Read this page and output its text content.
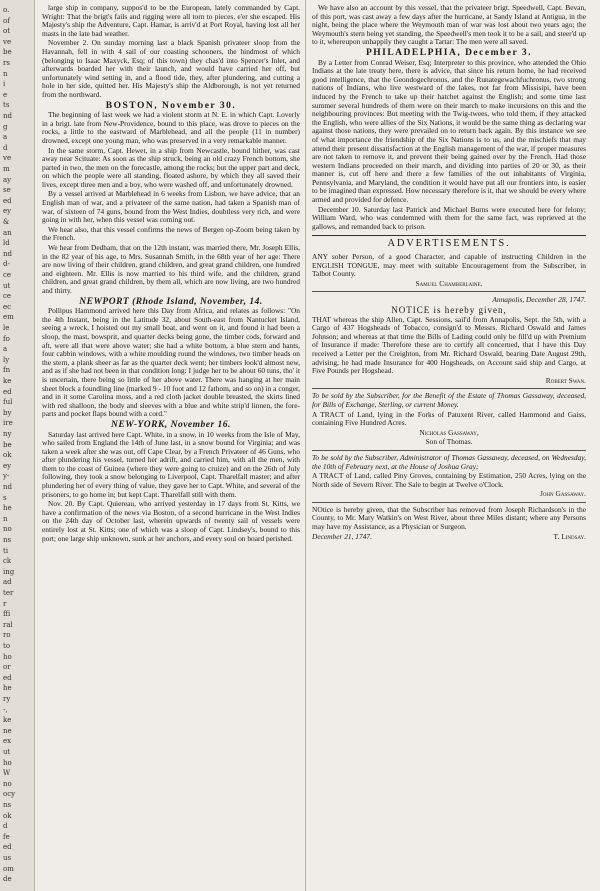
o.
of
ot
ve
be
rs
n
i
e
ts
nd
g
a
d
ve
m
ay
se
ed
ey
&
an
ld
nd
d-
ce
ut
ce
ec
em
le
fo
a
ly
fn
ke
ed
ful
by
ire
ny
be
ok
ey
y-
nd
s
he
n
no
ns
ti
ck
ing
ad
ter
r
ffi
ral
ro
to
ho
or
ed
he
ry
-,
ke
ne
ex
ut
ho
W
no
ocy
ns
ok
d
fe
ed
us
om
de

large ship in company, suppos'd to be the European, lately commanded by Capt. Wright: That the brigt's fails and rigging were all torn to pieces, e'er she escaped. His Majesty's ship the Adventure, Capt. Hamar, is arriv'd at Port Royal, having lost all her masts in the late bad weather.

November 2. On sunday morning last a black Spanish privateer sloop from the Havannah, fell in with 4 sail of our coasting schooners, the hindmost of which (belonging to Isaac Maxyck, Esq; of this town) they chas'd into Spencer's Inlet, and afterwards boarded her with their launch, and would have carried her off, but unfortunately wind setting in, and a flood tide, they, after plundering, and cutting a hole in her side, quitted her. His Majesty's ship the Aldborough, is not yet returned from the northward.

BOSTON, November 30.

The beginning of last week we had a violent storm at N. E. in which Capt. Loverly in a brigt. late from New-Providence, bound to this place, was drove to pieces on the rocks, a little to the eastward of Marblehead, and all the people (11 in number) drowned, except one young man, who was preserved in a very remarkable manner.

In the same storm, Capt. Hewet, in a ship from Newcastle, bound hither, was cast away near Scituate: As soon as the ship struck, being an old crazy French bottom, she parted in two, the men on the forecastle, among the rocks; but the upper part and deck, on which the people were all standing, floated ashore, by which they all saved their lives, except three men and a boy, who were washed off, and unfortunately drowned.

By a vessel arrived at Marblehead in 6 weeks from Lisbon, we have advice, that an English man of war, and a privateer of the same nation, had taken a Spanish man of war, of sixteen of 74 guns, bound from the West Indies, doubtless very rich, and were going in with her, when this vessel was coming out.

We hear also, that this vessel confirms the news of Bergen op-Zoom being taken by the French.

We hear from Dedham, that on the 12th instant, was married there, Mr. Joseph Ellis, in the 82 year of his age, to Mrs. Susannah Smith, in the 68th year of her age: There are now living of their children, grand children, and great grand children, one hundred and eighteen. Mr. Ellis is now married to his third wife, and the children, grand children, and great grand children, by them all, which are now living, are two hundred and thirty.

NEWPORT (Rhode Island, November, 14.

Pollipus Hammond arrived here this Day from Africa, and relates as follows: "On the 4th Instant, being in the Latitude 32, about South-east from Nantucket Island, seeing a wreck, I hoisted out my small boat, and went on it, and found it had been a sloop, the mast, bowsprit, and quarter decks being gone, the timber cods, forward and aft, were all that were above water; she had a white bottom, a blue stern and hants, four cabbin windows, with a white moulding round the windows, two timber heads on the stern, a plank sheer as far as the quarter deck went; her timbers look'd almost new, and as if she had not been in that condition long: I judge her to be about 60 tuns, tho' it is uncertain, there being so little of her above water. There was hanging at her main sheet block a foundling line (marked 9 - 10 foot and 12 fathom, and so on) in a conger, and in it some Carolina moss, and a red cloth jacket double breasted, the skirts lined with red shalloon, the body and sleeves with a blue and white strip'd linnen, the fore-parts and pocket flaps bound with a cord."

NEW-YORK, November 16.

Saturday last arrived here Capt. White, in a snow, in 10 weeks from the Isle of May, who sailed from England the 14th of June last, in a snow bound for Virginia; and was taken a week after she was out, off Cape Clear, by a French Privateer of 46 Guns, who after plundering his vessel, turned her adrift, and carried him, with all the men, with them to the coast of Guinea (where they were going to cruize) and on the 26th of July following, they took a snow belonging to Liverpool, Capt. Tharelfall master; and after plundering her of every thing of value, they gave her to Capt. White, and several of the prisoners, to go home in; but kept Capt. Tharelfall still with them.

Nov. 20. By Capt. Quiereau, who arrived yesterday in 17 days from St. Kitts, we have a confirmation of the news via Boston, of a second hurricane in the West Indies on the 24th day of October last, wherein upwards of twenty sail of vessels were entirely lost at St. Kitts; one of which was a sloop of Capt. Lindsey's, bound to this port; one large ship unknown, sunk at her anchors, and every soul on board perished.

We have also an account by this vessel, that the privateer brigt. Speedwell, Capt. Bevan, of this port, was cast away a few days after the hurricane, at Sandy Island at Antigua, in the night, being the place where the Weymouth man of war was lost about two years ago; the Weymouth's stern being yet standing, the Speedwell's men took it to be a sail, and steer'd up to it, whereupon unhappily they caught a Tartar: The men were all saved.

PHILADELPHIA, December 3.

By a Letter from Conrad Weiser, Esq; Interpreter to this province, who attended the Ohio Indians at the late treaty here, there is advice, that since his return home, he had received good intelligence, that the Geondogechronus, and the Runategewachfuchronus, two strong nations of Indians, who live westward of the lakes, not far from Missisipi, have been induced by the French to take up their hatchet against the English; and some time last summer several hundreds of them were on their march to make incursions on this and the neighbouring provinces: But meeting with the Twig-twees, who told them, if they attacked the English, who were allies of the Six Nations, it would be the same thing as declaring war against those nations, they were prevailed on to return back again. By this instance we see of what importance the friendship of the Six Nations is to us, and the mischiefs that may attend their present dissatisfaction at the English management of the war, if proper measures are not taken to remove it, and prevent their being gained over by the French. Had those western Indians proceeded on their march, and dividing into parties of 20 or 30, as their manner is, cut off here and there a few families of the out inhabitants of Virginia, Pennsylvania, and Maryland, the condition it would have put all our frontiers into, is easier to be imagined than expressed. How necessary therefore is it, that we should be every where armed and provided for defence.

December 10. Saturday last Patrick and Michael Burns were executed here for felony; William Ward, who was condemned with them for the same fact, was reprieved at the gallows, and remanded back to prison.

ADVERTISEMENTS.

ANY sober Person, of a good Character, and capable of instructing Children in the ENGLISH TONGUE, may meet with suitable Encouragement from the Subscriber, in Talbot County.

Samuel Chamberlaine.
Annapolis, December 28, 1747.
NOTICE is hereby given,

THAT whereas the ship Allen, Capt. Sessions, sail'd from Annapolis, Sept. the 5th, with a Cargo of 437 Hogsheads of Tobacco, consign'd to Messrs. Richard Oswald and James Johnson; and whereas at that time the Bills of Lading could only be fill'd up with Premium of Insurance if made: Therefore these are to certify all concerned, that I have this Day received a Letter per the Creighton, from Mr. Richard Oswald, bearing Date August 29th, advising, he had made Insurance for 400 Hogsheads, on Account said ship and Cargo, at Five Pounds per Hogshead.

Robert Swan.

To be sold by the Subscriber, for the Benefit of the Estate of Thomas Gassaway, deceased, for Bills of Exchange, Sterling, or current Money.

A TRACT of Land, lying in the Forks of Patuxent River, called Hammond and Gaiss, containing Five Hundred Acres.

Nicholas Gassaway,
Son of Thomas.

To be sold by the Subscriber, Administrator of Thomas Gassaway, deceased, on Wednesday, the 10th of February next, at the House of Joshua Gray;

A TRACT of Land, called Piny Groves, containing by Estimation, 250 Acres, lying on the North side of Severn River. The Sale to begin at Twelve o'Clock.

John Gassaway.

NOtice is hereby given, that the Subscriber has removed from Joseph Richardson's in the County, to Mr. Mary Watkin's on West River, about three Miles distant; where any Persons may have my Assistance, as a Physician or Surgeon.

December 21, 1747.	T. Lindsay.
